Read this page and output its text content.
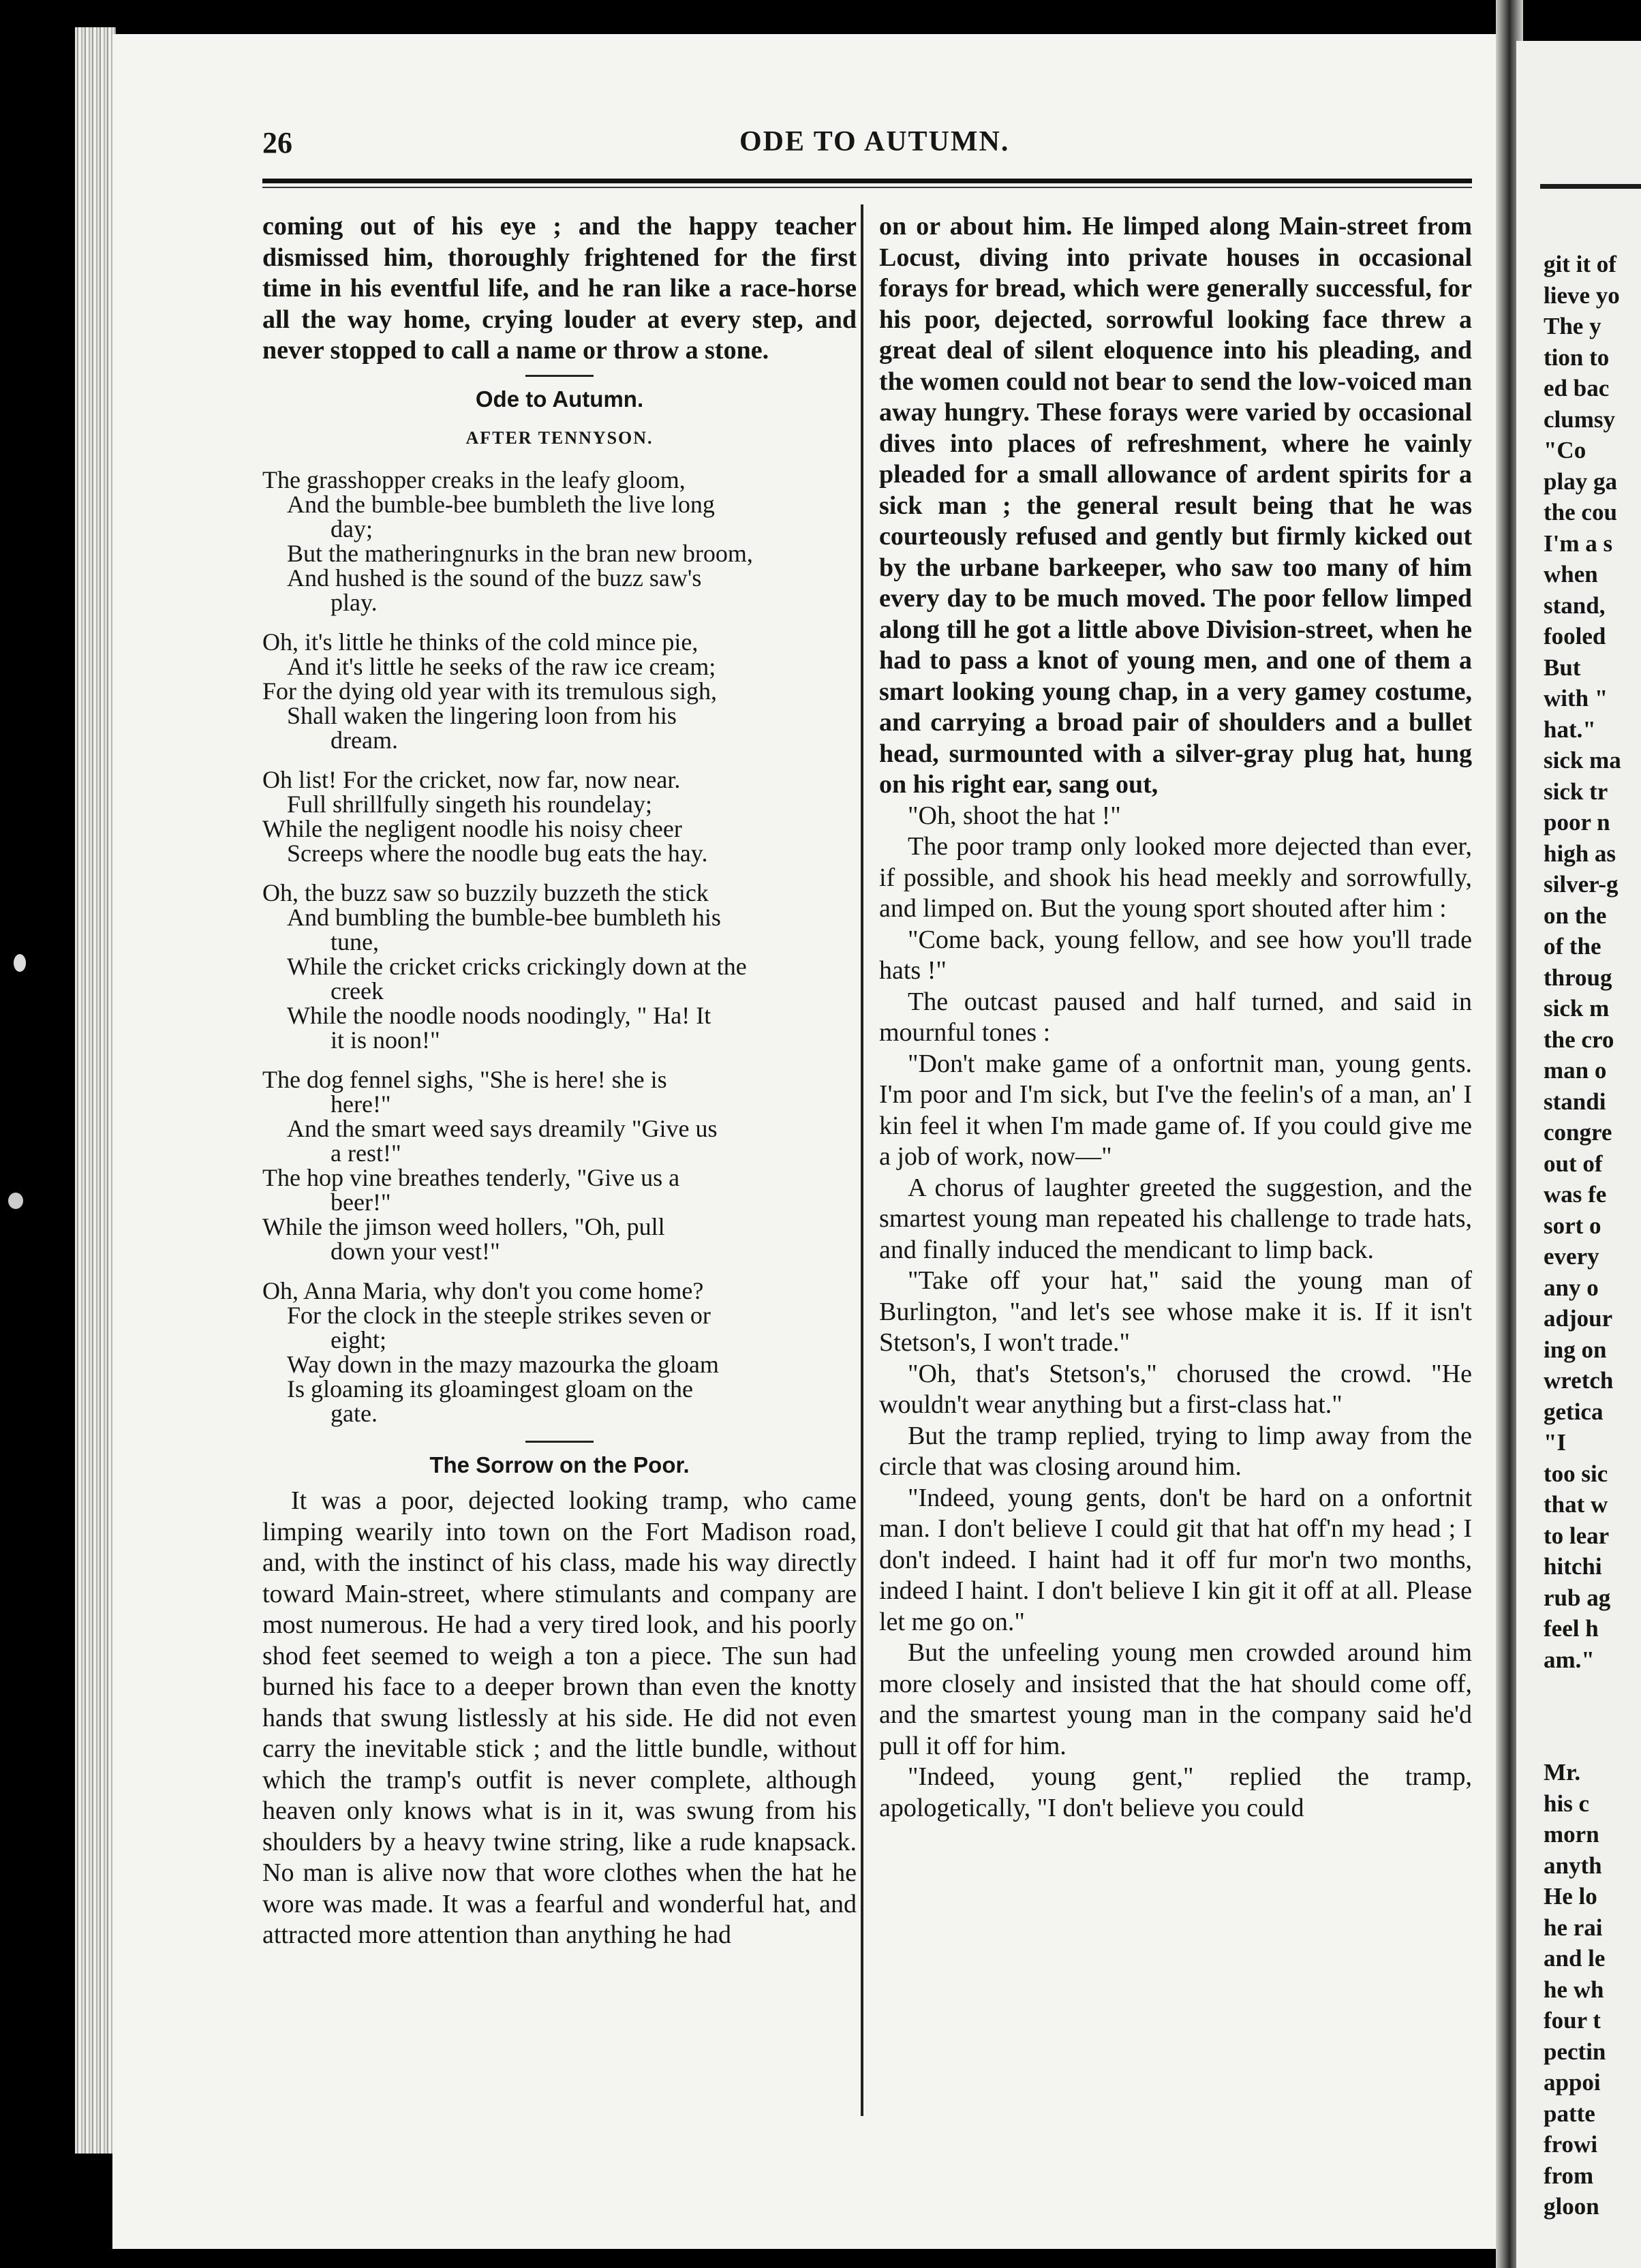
git it of
lieve yo
The y
tion to
ed bac
clumsy
"Co
play ga
the cou
I'm a s
when
stand,
fooled
But
with "
hat."
sick ma
sick tr
poor n
high as
silver-g
on the
of the
throug
sick m
the cro
man o
standi
congre
out of
was fe
sort o
every
any o
adjour
ing on
wretch
getica
"I
too sic
that w
to lear
hitchi
rub ag
feel h
am."
Mr.
his c
morn
anyth
He lo
he rai
and le
he wh
four t
pectin
appoi
patte
frowi
from
gloon
26	ODE TO AUTUMN.

coming out of his eye ; and the happy teacher dismissed him, thoroughly frightened for the first time in his eventful life, and he ran like a race-horse all the way home, crying louder at every step, and never stopped to call a name or throw a stone.

Ode to Autumn.

AFTER TENNYSON.

The grasshopper creaks in the leafy gloom,
And the bumble-bee bumbleth the live long
day;
But the matheringnurks in the bran new broom,
And hushed is the sound of the buzz saw's
play.
Oh, it's little he thinks of the cold mince pie,
And it's little he seeks of the raw ice cream;
For the dying old year with its tremulous sigh,
Shall waken the lingering loon from his
dream.
Oh list! For the cricket, now far, now near.
Full shrillfully singeth his roundelay;
While the negligent noodle his noisy cheer
Screeps where the noodle bug eats the hay.
Oh, the buzz saw so buzzily buzzeth the stick
And bumbling the bumble-bee bumbleth his
tune,
While the cricket cricks crickingly down at the
creek
While the noodle noods noodingly, " Ha! It
it is noon!"
The dog fennel sighs, "She is here! she is
here!"
And the smart weed says dreamily "Give us
a rest!"
The hop vine breathes tenderly, "Give us a
beer!"
While the jimson weed hollers, "Oh, pull
down your vest!"
Oh, Anna Maria, why don't you come home?
For the clock in the steeple strikes seven or
eight;
Way down in the mazy mazourka the gloam
Is gloaming its gloamingest gloam on the
gate.

The Sorrow on the Poor.

It was a poor, dejected looking tramp, who came limping wearily into town on the Fort Madison road, and, with the instinct of his class, made his way directly toward Main-street, where stimulants and company are most numerous. He had a very tired look, and his poorly shod feet seemed to weigh a ton a piece. The sun had burned his face to a deeper brown than even the knotty hands that swung listlessly at his side. He did not even carry the inevitable stick ; and the little bundle, without which the tramp's outfit is never complete, although heaven only knows what is in it, was swung from his shoulders by a heavy twine string, like a rude knapsack. No man is alive now that wore clothes when the hat he wore was made. It was a fearful and wonderful hat, and attracted more attention than anything he had

on or about him. He limped along Main-street from Locust, diving into private houses in occasional forays for bread, which were generally successful, for his poor, dejected, sorrowful looking face threw a great deal of silent eloquence into his pleading, and the women could not bear to send the low-voiced man away hungry. These forays were varied by occasional dives into places of refreshment, where he vainly pleaded for a small allowance of ardent spirits for a sick man ; the general result being that he was courteously refused and gently but firmly kicked out by the urbane barkeeper, who saw too many of him every day to be much moved. The poor fellow limped along till he got a little above Division-street, when he had to pass a knot of young men, and one of them a smart looking young chap, in a very gamey costume, and carrying a broad pair of shoulders and a bullet head, surmounted with a silver-gray plug hat, hung on his right ear, sang out,

"Oh, shoot the hat !"

The poor tramp only looked more dejected than ever, if possible, and shook his head meekly and sorrowfully, and limped on. But the young sport shouted after him :

"Come back, young fellow, and see how you'll trade hats !"

The outcast paused and half turned, and said in mournful tones :

"Don't make game of a onfortnit man, young gents. I'm poor and I'm sick, but I've the feelin's of a man, an' I kin feel it when I'm made game of. If you could give me a job of work, now—"

A chorus of laughter greeted the suggestion, and the smartest young man repeated his challenge to trade hats, and finally induced the mendicant to limp back.

"Take off your hat," said the young man of Burlington, "and let's see whose make it is. If it isn't Stetson's, I won't trade."

"Oh, that's Stetson's," chorused the crowd. "He wouldn't wear anything but a first-class hat."

But the tramp replied, trying to limp away from the circle that was closing around him.

"Indeed, young gents, don't be hard on a onfortnit man. I don't believe I could git that hat off'n my head ; I don't indeed. I haint had it off fur mor'n two months, indeed I haint. I don't believe I kin git it off at all. Please let me go on."

But the unfeeling young men crowded around him more closely and insisted that the hat should come off, and the smartest young man in the company said he'd pull it off for him.

"Indeed, young gent," replied the tramp, apologetically, "I don't believe you could
